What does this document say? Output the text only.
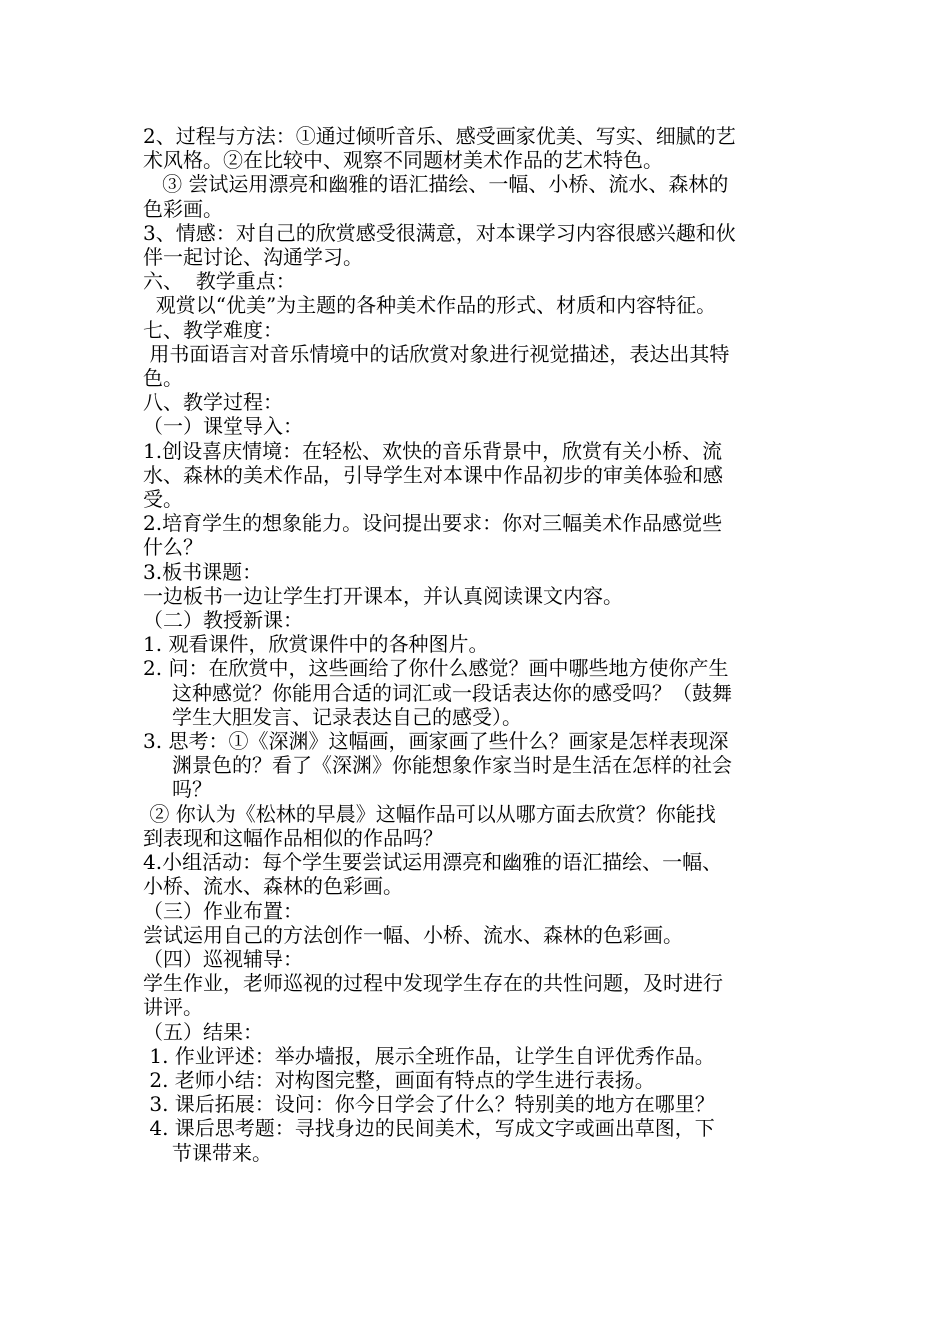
2、过程与方法：①通过倾听音乐、感受画家优美、写实、细腻的艺
术风格。②在比较中、观察不同题材美术作品的艺术特色。
③ 尝试运用漂亮和幽雅的语汇描绘、一幅、小桥、流水、森林的
色彩画。
3、情感：对自己的欣赏感受很满意，对本课学习内容很感兴趣和伙
伴一起讨论、沟通学习。
六、  教学重点：
观赏以“优美”为主题的各种美术作品的形式、材质和内容特征。
七、教学难度：
用书面语言对音乐情境中的话欣赏对象进行视觉描述，表达出其特
色。
八、教学过程：
（一）课堂导入：
1.创设喜庆情境：在轻松、欢快的音乐背景中，欣赏有关小桥、流
水、森林的美术作品，引导学生对本课中作品初步的审美体验和感
受。
2.培育学生的想象能力。设问提出要求：你对三幅美术作品感觉些
什么？
3.板书课题：
一边板书一边让学生打开课本，并认真阅读课文内容。
（二）教授新课：
1. 观看课件，欣赏课件中的各种图片。
2. 问：在欣赏中，这些画给了你什么感觉？画中哪些地方使你产生
这种感觉？你能用合适的词汇或一段话表达你的感受吗？（鼓舞
学生大胆发言、记录表达自己的感受）。
3. 思考：①《深渊》这幅画，画家画了些什么？画家是怎样表现深
渊景色的？看了《深渊》你能想象作家当时是生活在怎样的社会
吗？
② 你认为《松林的早晨》这幅作品可以从哪方面去欣赏？你能找
到表现和这幅作品相似的作品吗？
4.小组活动：每个学生要尝试运用漂亮和幽雅的语汇描绘、一幅、
小桥、流水、森林的色彩画。
（三）作业布置：
尝试运用自己的方法创作一幅、小桥、流水、森林的色彩画。
（四）巡视辅导：
学生作业，老师巡视的过程中发现学生存在的共性问题，及时进行
讲评。
（五）结果：
1. 作业评述：举办墙报，展示全班作品，让学生自评优秀作品。
2. 老师小结：对构图完整，画面有特点的学生进行表扬。
3. 课后拓展：设问：你今日学会了什么？特别美的地方在哪里？
4. 课后思考题：寻找身边的民间美术，写成文字或画出草图，下
节课带来。
